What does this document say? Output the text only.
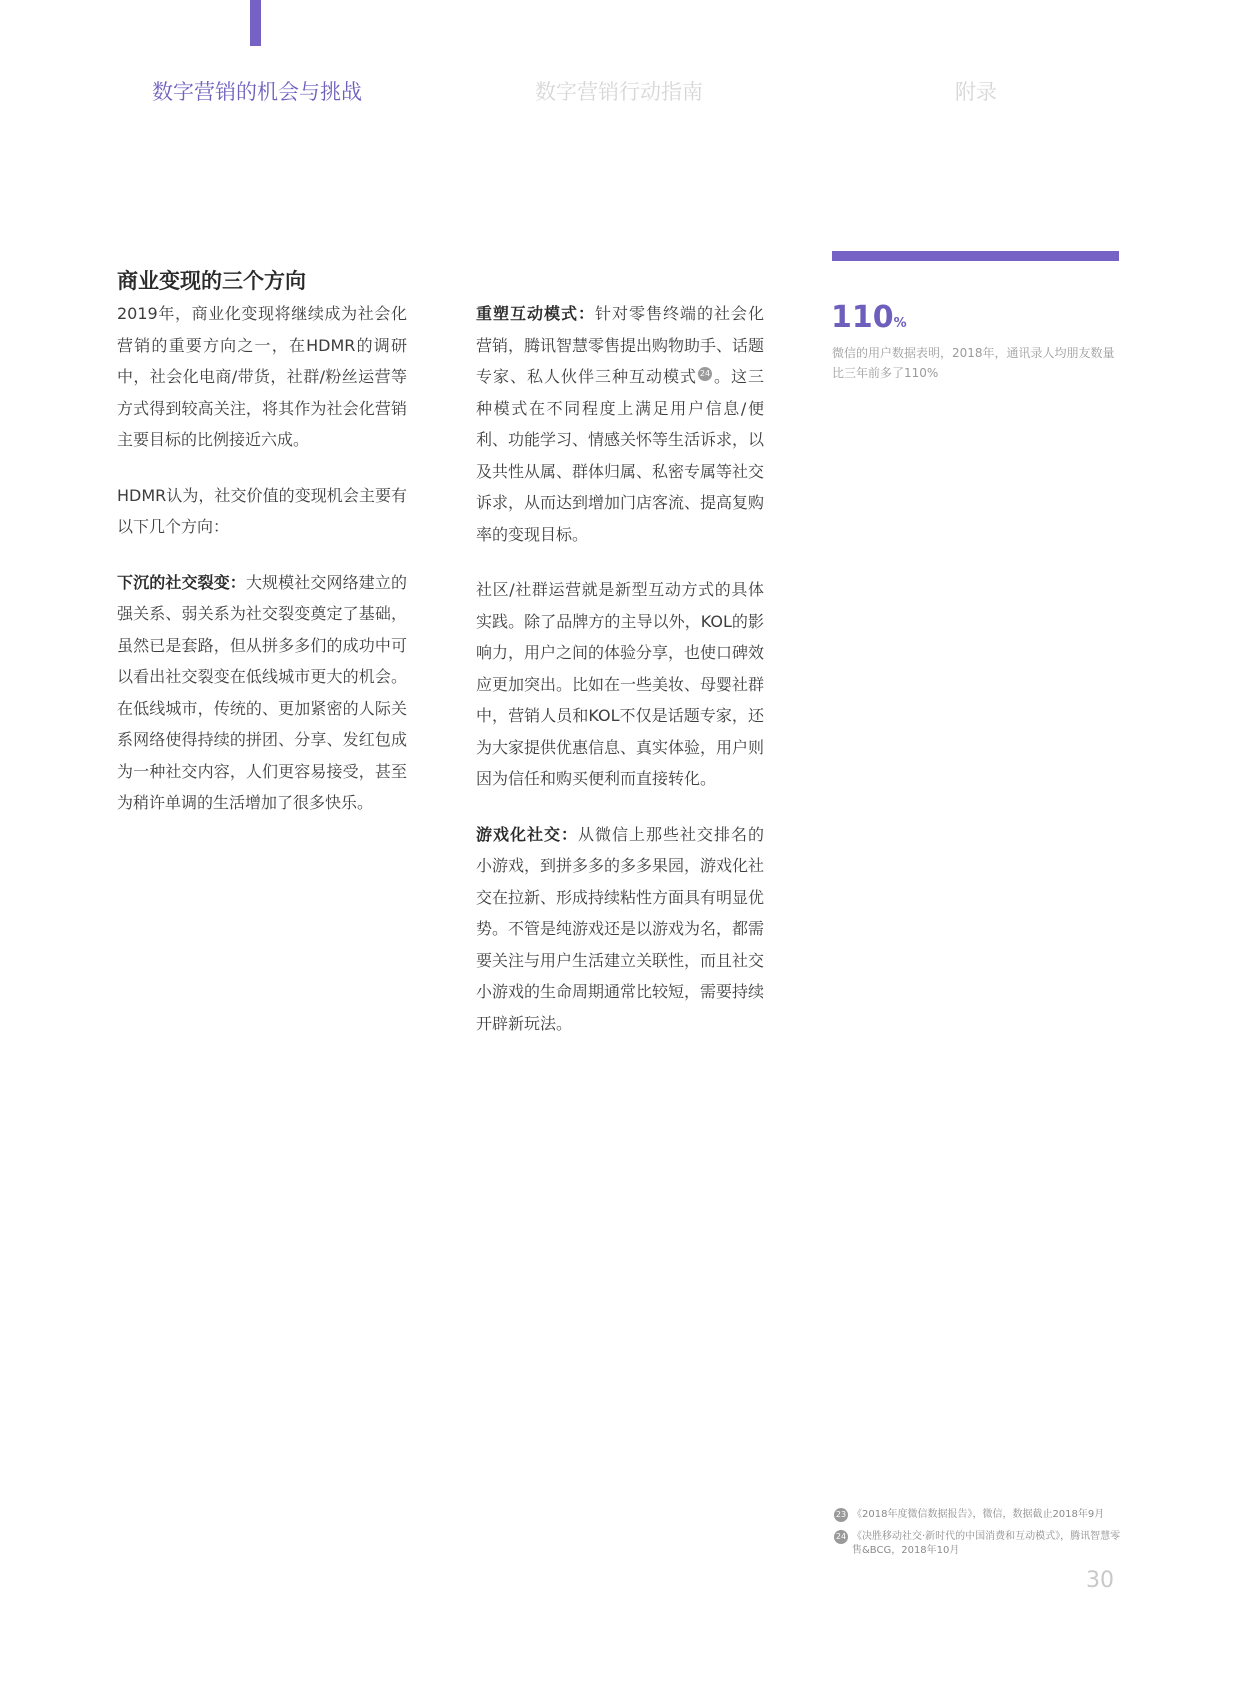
数字营销的机会与挑战	数字营销行动指南	附录
商业变现的三个方向

2019年，商业化变现将继续成为社会化营销的重要方向之一，在HDMR的调研中，社会化电商/带货，社群/粉丝运营等方式得到较高关注，将其作为社会化营销主要目标的比例接近六成。

HDMR认为，社交价值的变现机会主要有以下几个方向：

下沉的社交裂变：大规模社交网络建立的强关系、弱关系为社交裂变奠定了基础，虽然已是套路，但从拼多多们的成功中可以看出社交裂变在低线城市更大的机会。在低线城市，传统的、更加紧密的人际关系网络使得持续的拼团、分享、发红包成为一种社交内容，人们更容易接受，甚至为稍许单调的生活增加了很多快乐。

重塑互动模式：针对零售终端的社会化营销，腾讯智慧零售提出购物助手、话题专家、私人伙伴三种互动模式 24 。这三种模式在不同程度上满足用户信息/便利、功能学习、情感关怀等生活诉求，以及共性从属、群体归属、私密专属等社交诉求，从而达到增加门店客流、提高复购率的变现目标。

社区/社群运营就是新型互动方式的具体实践。除了品牌方的主导以外，KOL的影响力，用户之间的体验分享，也使口碑效应更加突出。比如在一些美妆、母婴社群中，营销人员和KOL不仅是话题专家，还为大家提供优惠信息、真实体验，用户则因为信任和购买便利而直接转化。

游戏化社交：从微信上那些社交排名的小游戏，到拼多多的多多果园，游戏化社交在拉新、形成持续粘性方面具有明显优势。不管是纯游戏还是以游戏为名，都需要关注与用户生活建立关联性，而且社交小游戏的生命周期通常比较短，需要持续开辟新玩法。

110%
微信的用户数据表明，2018年，通讯录人均朋友数量比三年前多了110%
23 《2018年度微信数据报告》，微信，数据截止2018年9月
24 《决胜移动社交·新时代的中国消费和互动模式》，腾讯智慧零售&BCG，2018年10月
30
